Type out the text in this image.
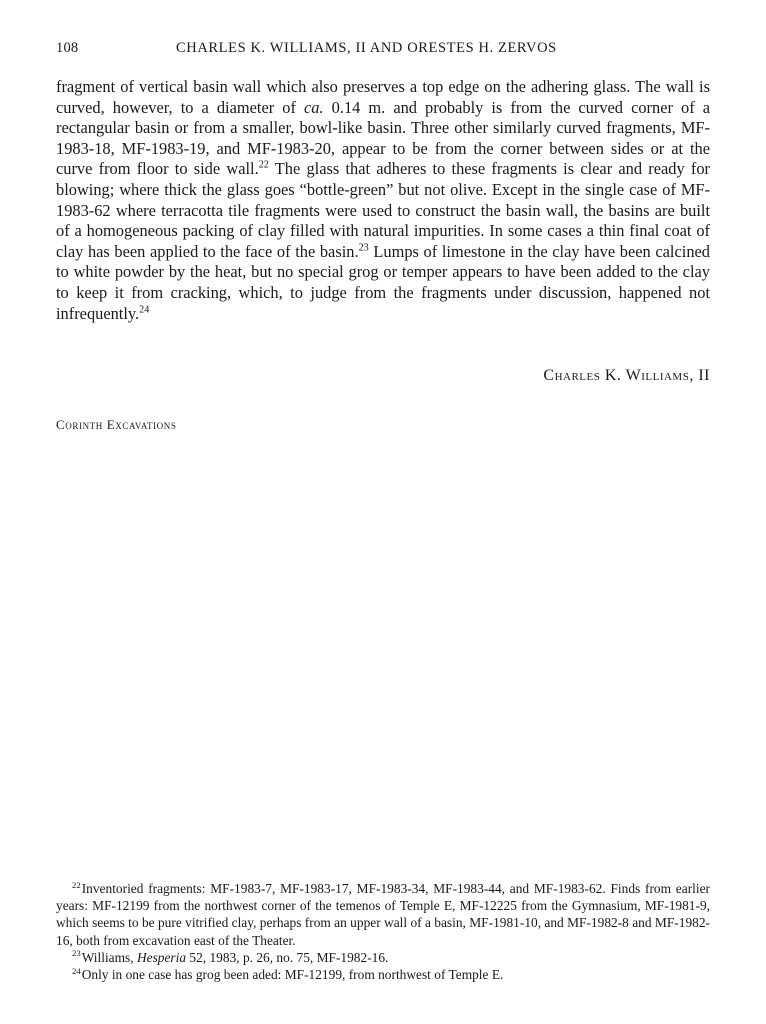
108	CHARLES K. WILLIAMS, II AND ORESTES H. ZERVOS

fragment of vertical basin wall which also preserves a top edge on the adhering glass. The wall is curved, however, to a diameter of ca. 0.14 m. and probably is from the curved corner of a rectangular basin or from a smaller, bowl-like basin. Three other similarly curved fragments, MF-1983-18, MF-1983-19, and MF-1983-20, appear to be from the corner between sides or at the curve from floor to side wall.$^{22}$ The glass that adheres to these fragments is clear and ready for blowing; where thick the glass goes “bottle-green” but not olive. Except in the single case of MF-1983-62 where terracotta tile fragments were used to construct the basin wall, the basins are built of a homogeneous packing of clay filled with natural impurities. In some cases a thin final coat of clay has been applied to the face of the basin.$^{23}$ Lumps of limestone in the clay have been calcined to white powder by the heat, but no special grog or temper appears to have been added to the clay to keep it from cracking, which, to judge from the fragments under discussion, happened not infrequently.$^{24}$

Charles K. Williams, II
Corinth Excavations

$^{22}$Inventoried fragments: MF-1983-7, MF-1983-17, MF-1983-34, MF-1983-44, and MF-1983-62. Finds from earlier years: MF-12199 from the northwest corner of the temenos of Temple E, MF-12225 from the Gymnasium, MF-1981-9, which seems to be pure vitrified clay, perhaps from an upper wall of a basin, MF-1981-10, and MF-1982-8 and MF-1982-16, both from excavation east of the Theater.

$^{23}$Williams, Hesperia 52, 1983, p. 26, no. 75, MF-1982-16.

$^{24}$Only in one case has grog been aded: MF-12199, from northwest of Temple E.
